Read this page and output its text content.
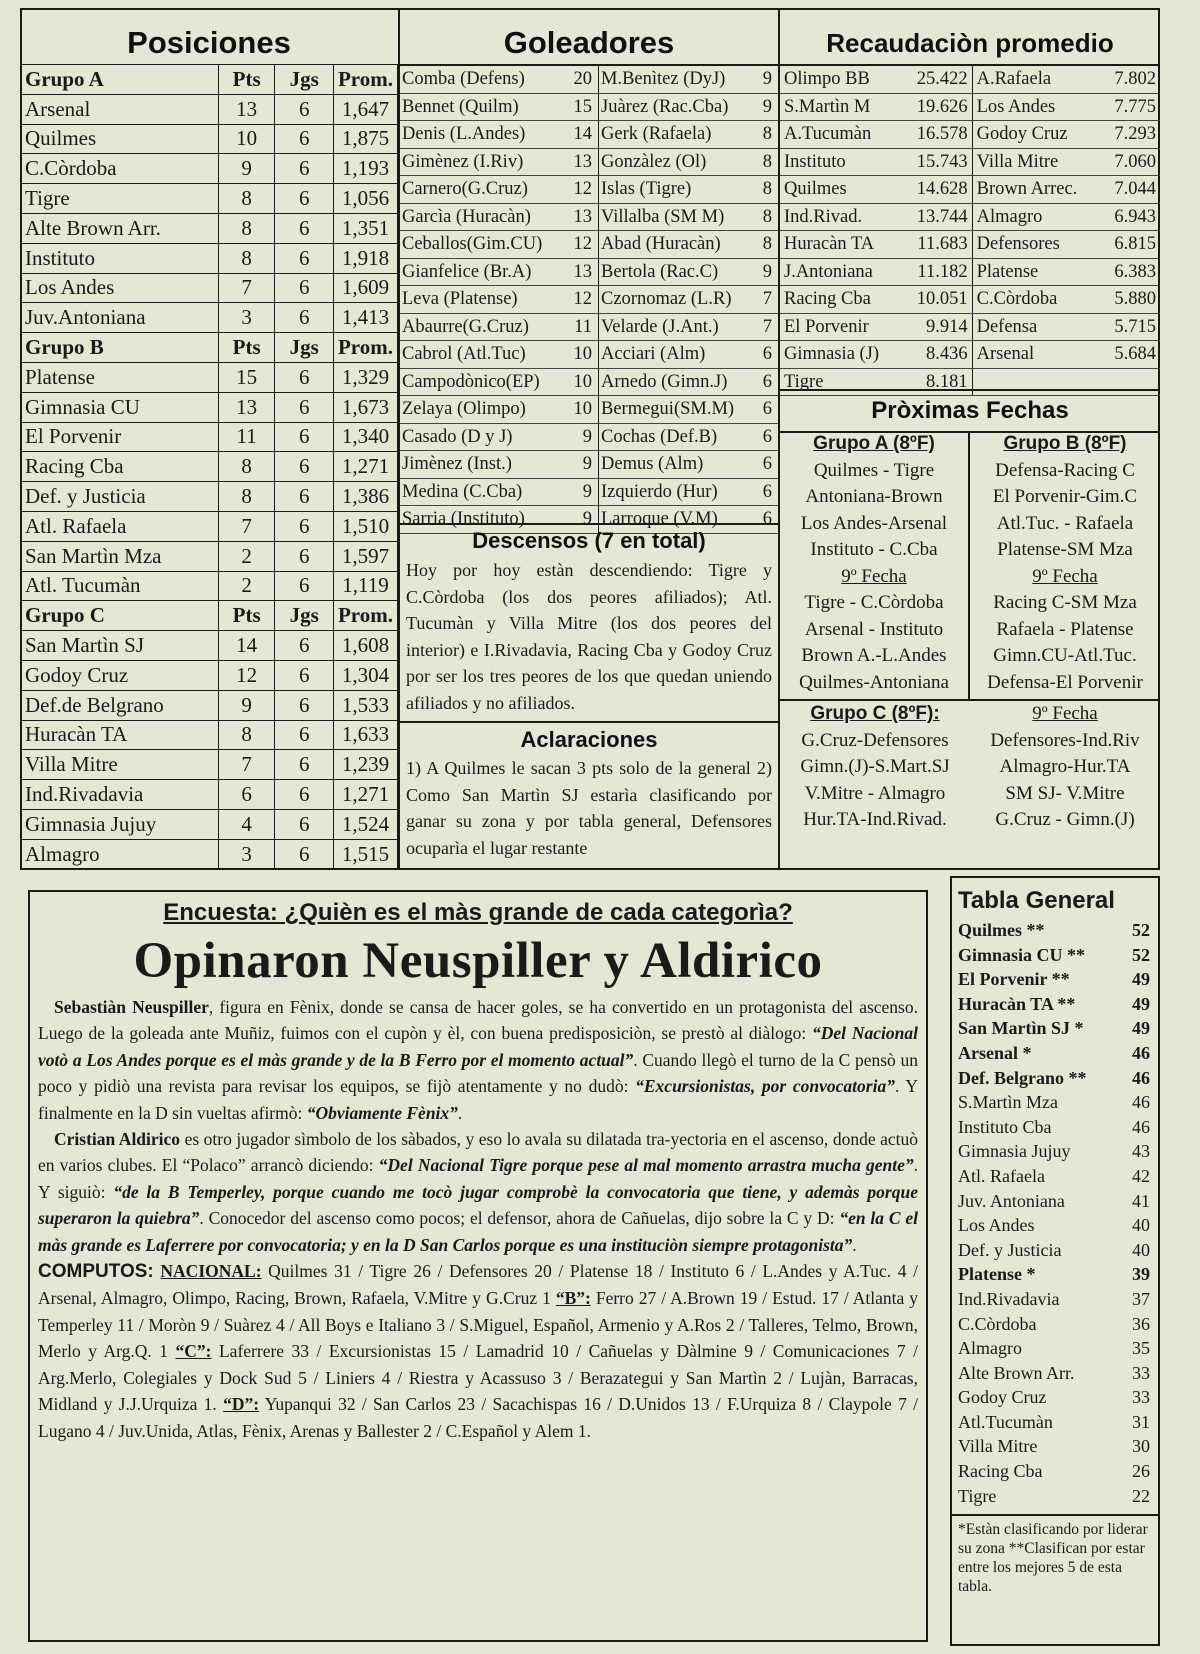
Posiciones
Grupo A	Pts	Jgs	Prom.
Arsenal	13	6	1,647
Quilmes	10	6	1,875
C.Còrdoba	9	6	1,193
Tigre	8	6	1,056
Alte Brown Arr.	8	6	1,351
Instituto	8	6	1,918
Los Andes	7	6	1,609
Juv.Antoniana	3	6	1,413
Grupo B	Pts	Jgs	Prom.
Platense	15	6	1,329
Gimnasia CU	13	6	1,673
El Porvenir	11	6	1,340
Racing Cba	8	6	1,271
Def. y Justicia	8	6	1,386
Atl. Rafaela	7	6	1,510
San Martìn Mza	2	6	1,597
Atl. Tucumàn	2	6	1,119
Grupo C	Pts	Jgs	Prom.
San Martìn SJ	14	6	1,608
Godoy Cruz	12	6	1,304
Def.de Belgrano	9	6	1,533
Huracàn TA	8	6	1,633
Villa Mitre	7	6	1,239
Ind.Rivadavia	6	6	1,271
Gimnasia Jujuy	4	6	1,524
Almagro	3	6	1,515
Goleadores
Comba (Defens)	20	M.Benìtez (DyJ)	9
Bennet (Quilm)	15	Juàrez (Rac.Cba)	9
Denis (L.Andes)	14	Gerk (Rafaela)	8
Gimènez (I.Riv)	13	Gonzàlez (Ol)	8
Carnero(G.Cruz)	12	Islas (Tigre)	8
Garcìa (Huracàn)	13	Villalba (SM M)	8
Ceballos(Gim.CU)	12	Abad (Huracàn)	8
Gianfelice (Br.A)	13	Bertola (Rac.C)	9
Leva (Platense)	12	Czornomaz (L.R)	7
Abaurre(G.Cruz)	11	Velarde (J.Ant.)	7
Cabrol (Atl.Tuc)	10	Acciari (Alm)	6
Campodònico(EP)	10	Arnedo (Gimn.J)	6
Zelaya (Olimpo)	10	Bermegui(SM.M)	6
Casado (D y J)	9	Cochas (Def.B)	6
Jimènez (Inst.)	9	Demus (Alm)	6
Medina (C.Cba)	9	Izquierdo (Hur)	6
Sarria (Instituto)	9	Larroque (V.M)	6
Recaudaciòn promedio
Olimpo BB	25.422	A.Rafaela	7.802
S.Martìn M	19.626	Los Andes	7.775
A.Tucumàn	16.578	Godoy Cruz	7.293
Instituto	15.743	Villa Mitre	7.060
Quilmes	14.628	Brown Arrec.	7.044
Ind.Rivad.	13.744	Almagro	6.943
Huracàn TA	11.683	Defensores	6.815
J.Antoniana	11.182	Platense	6.383
Racing Cba	10.051	C.Còrdoba	5.880
El Porvenir	9.914	Defensa	5.715
Gimnasia (J)	8.436	Arsenal	5.684
Tigre	8.181		
Pròximas Fechas
Grupo A (8ºF)
Quilmes - Tigre
Antoniana-Brown
Los Andes-Arsenal
Instituto - C.Cba
9º Fecha
Tigre - C.Còrdoba
Arsenal - Instituto
Brown A.-L.Andes
Quilmes-Antoniana
Grupo B (8ºF)
Defensa-Racing C
El Porvenir-Gim.C
Atl.Tuc. - Rafaela
Platense-SM Mza
9º Fecha
Racing C-SM Mza
Rafaela - Platense
Gimn.CU-Atl.Tuc.
Defensa-El Porvenir
Grupo C (8ºF):
G.Cruz-Defensores
Gimn.(J)-S.Mart.SJ
V.Mitre - Almagro
Hur.TA-Ind.Rivad.
9º Fecha
Defensores-Ind.Riv
Almagro-Hur.TA
SM SJ- V.Mitre
G.Cruz - Gimn.(J)
Descensos (7 en total)
Hoy por hoy estàn descendiendo: Tigre y C.Còrdoba (los dos peores afiliados); Atl. Tucumàn y Villa Mitre (los dos peores del interior) e I.Rivadavia, Racing Cba y Godoy Cruz por ser los tres peores de los que quedan uniendo afiliados y no afiliados.
Aclaraciones
1) A Quilmes le sacan 3 pts solo de la general 2) Como San Martìn SJ estarìa clasificando por ganar su zona y por tabla general, Defensores ocuparìa el lugar restante
Encuesta: ¿Quièn es el màs grande de cada categorìa?
Opinaron Neuspiller y Aldirico
Sebastiàn Neuspiller, figura en Fènix, donde se cansa de hacer goles, se ha convertido en un protagonista del ascenso. Luego de la goleada ante Muñiz, fuimos con el cupòn y èl, con buena predisposiciòn, se prestò al diàlogo: “Del Nacional votò a Los Andes porque es el màs grande y de la B Ferro por el momento actual”. Cuando llegò el turno de la C pensò un poco y pidiò una revista para revisar los equipos, se fijò atentamente y no dudò: “Excursionistas, por convocatoria”. Y finalmente en la D sin vueltas afirmò: “Obviamente Fènix”.
Cristian Aldirico es otro jugador sìmbolo de los sàbados, y eso lo avala su dilatada tra-yectoria en el ascenso, donde actuò en varios clubes. El “Polaco” arrancò diciendo: “Del Nacional Tigre porque pese al mal momento arrastra mucha gente”. Y siguiò: “de la B Temperley, porque cuando me tocò jugar comprobè la convocatoria que tiene, y ademàs porque superaron la quiebra”. Conocedor del ascenso como pocos; el defensor, ahora de Cañuelas, dijo sobre la C y D: “en la C el màs grande es Laferrere por convocatoria; y en la D San Carlos porque es una instituciòn siempre protagonista”.
COMPUTOS: NACIONAL: Quilmes 31 / Tigre 26 / Defensores 20 / Platense 18 / Instituto 6 / L.Andes y A.Tuc. 4 / Arsenal, Almagro, Olimpo, Racing, Brown, Rafaela, V.Mitre y G.Cruz 1 “B”: Ferro 27 / A.Brown 19 / Estud. 17 / Atlanta y Temperley 11 / Moròn 9 / Suàrez 4 / All Boys e Italiano 3 / S.Miguel, Español, Armenio y A.Ros 2 / Talleres, Telmo, Brown, Merlo y Arg.Q. 1 “C”: Laferrere 33 / Excursionistas 15 / Lamadrid 10 / Cañuelas y Dàlmine 9 / Comunicaciones 7 / Arg.Merlo, Colegiales y Dock Sud 5 / Liniers 4 / Riestra y Acassuso 3 / Berazategui y San Martìn 2 / Lujàn, Barracas, Midland y J.J.Urquiza 1. “D”: Yupanqui 32 / San Carlos 23 / Sacachispas 16 / D.Unidos 13 / F.Urquiza 8 / Claypole 7 / Lugano 4 / Juv.Unida, Atlas, Fènix, Arenas y Ballester 2 / C.Español y Alem 1.
Tabla General
Quilmes **	52
Gimnasia CU **	52
El Porvenir **	49
Huracàn TA **	49
San Martìn SJ *	49
Arsenal *	46
Def. Belgrano **	46
S.Martìn Mza	46
Instituto Cba	46
Gimnasia Jujuy	43
Atl. Rafaela	42
Juv. Antoniana	41
Los Andes	40
Def. y Justicia	40
Platense *	39
Ind.Rivadavia	37
C.Còrdoba	36
Almagro	35
Alte Brown Arr.	33
Godoy Cruz	33
Atl.Tucumàn	31
Villa Mitre	30
Racing Cba	26
Tigre	22
*Estàn clasificando por liderar su zona **Clasifican por estar entre los mejores 5 de esta tabla.
